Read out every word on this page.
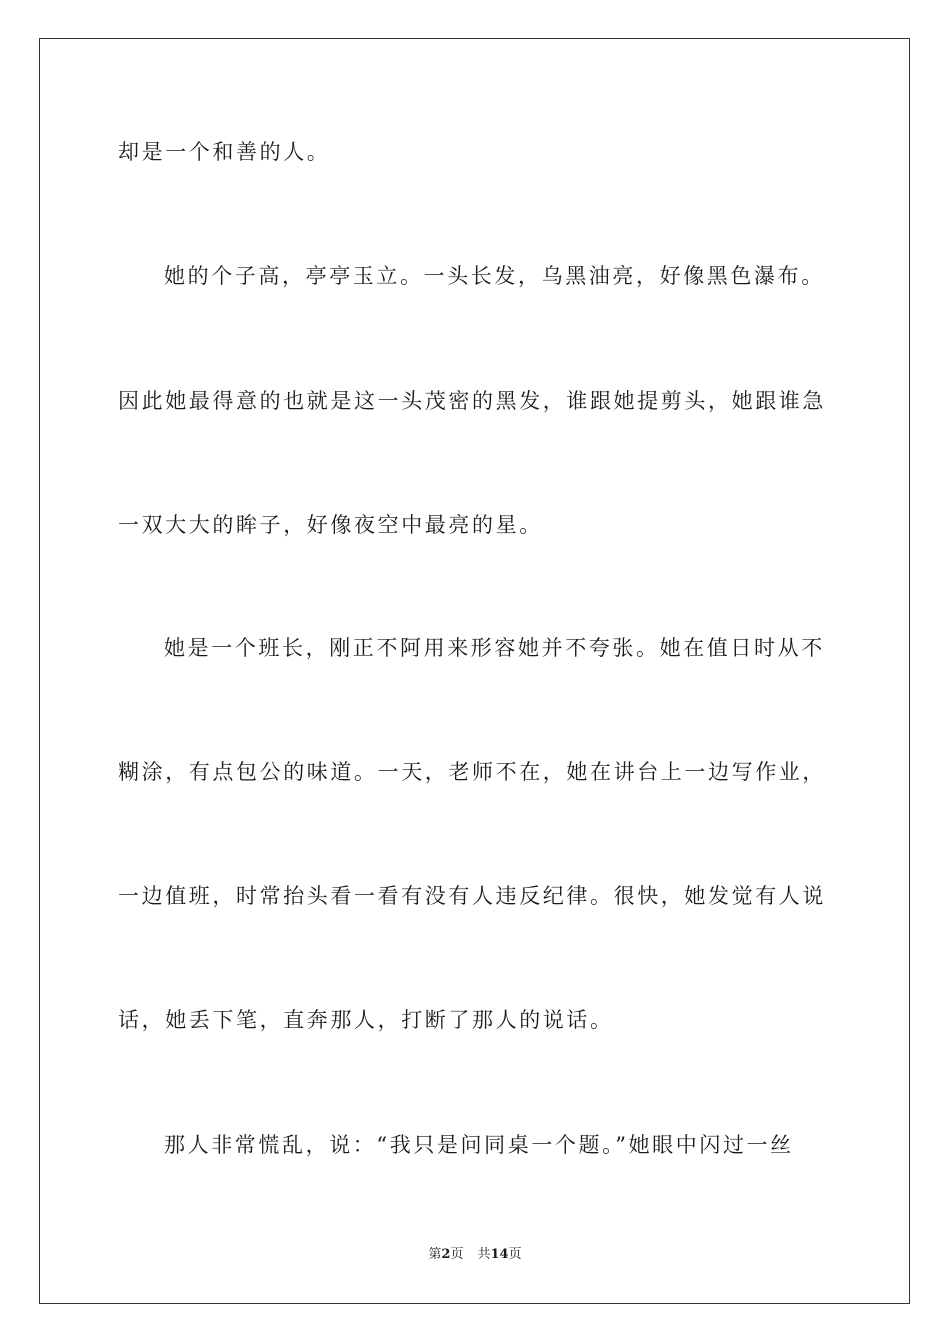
却是一个和善的人。
她的个子高，亭亭玉立。一头长发，乌黑油亮，好像黑色瀑布。
因此她最得意的也就是这一头茂密的黑发，谁跟她提剪头，她跟谁急
一双大大的眸子，好像夜空中最亮的星。
她是一个班长，刚正不阿用来形容她并不夸张。她在值日时从不
糊涂，有点包公的味道。一天，老师不在，她在讲台上一边写作业，
一边值班，时常抬头看一看有没有人违反纪律。很快，她发觉有人说
话，她丢下笔，直奔那人，打断了那人的说话。
那人非常慌乱，说：“我只是问同桌一个题。”她眼中闪过一丝
第2页 共14页
